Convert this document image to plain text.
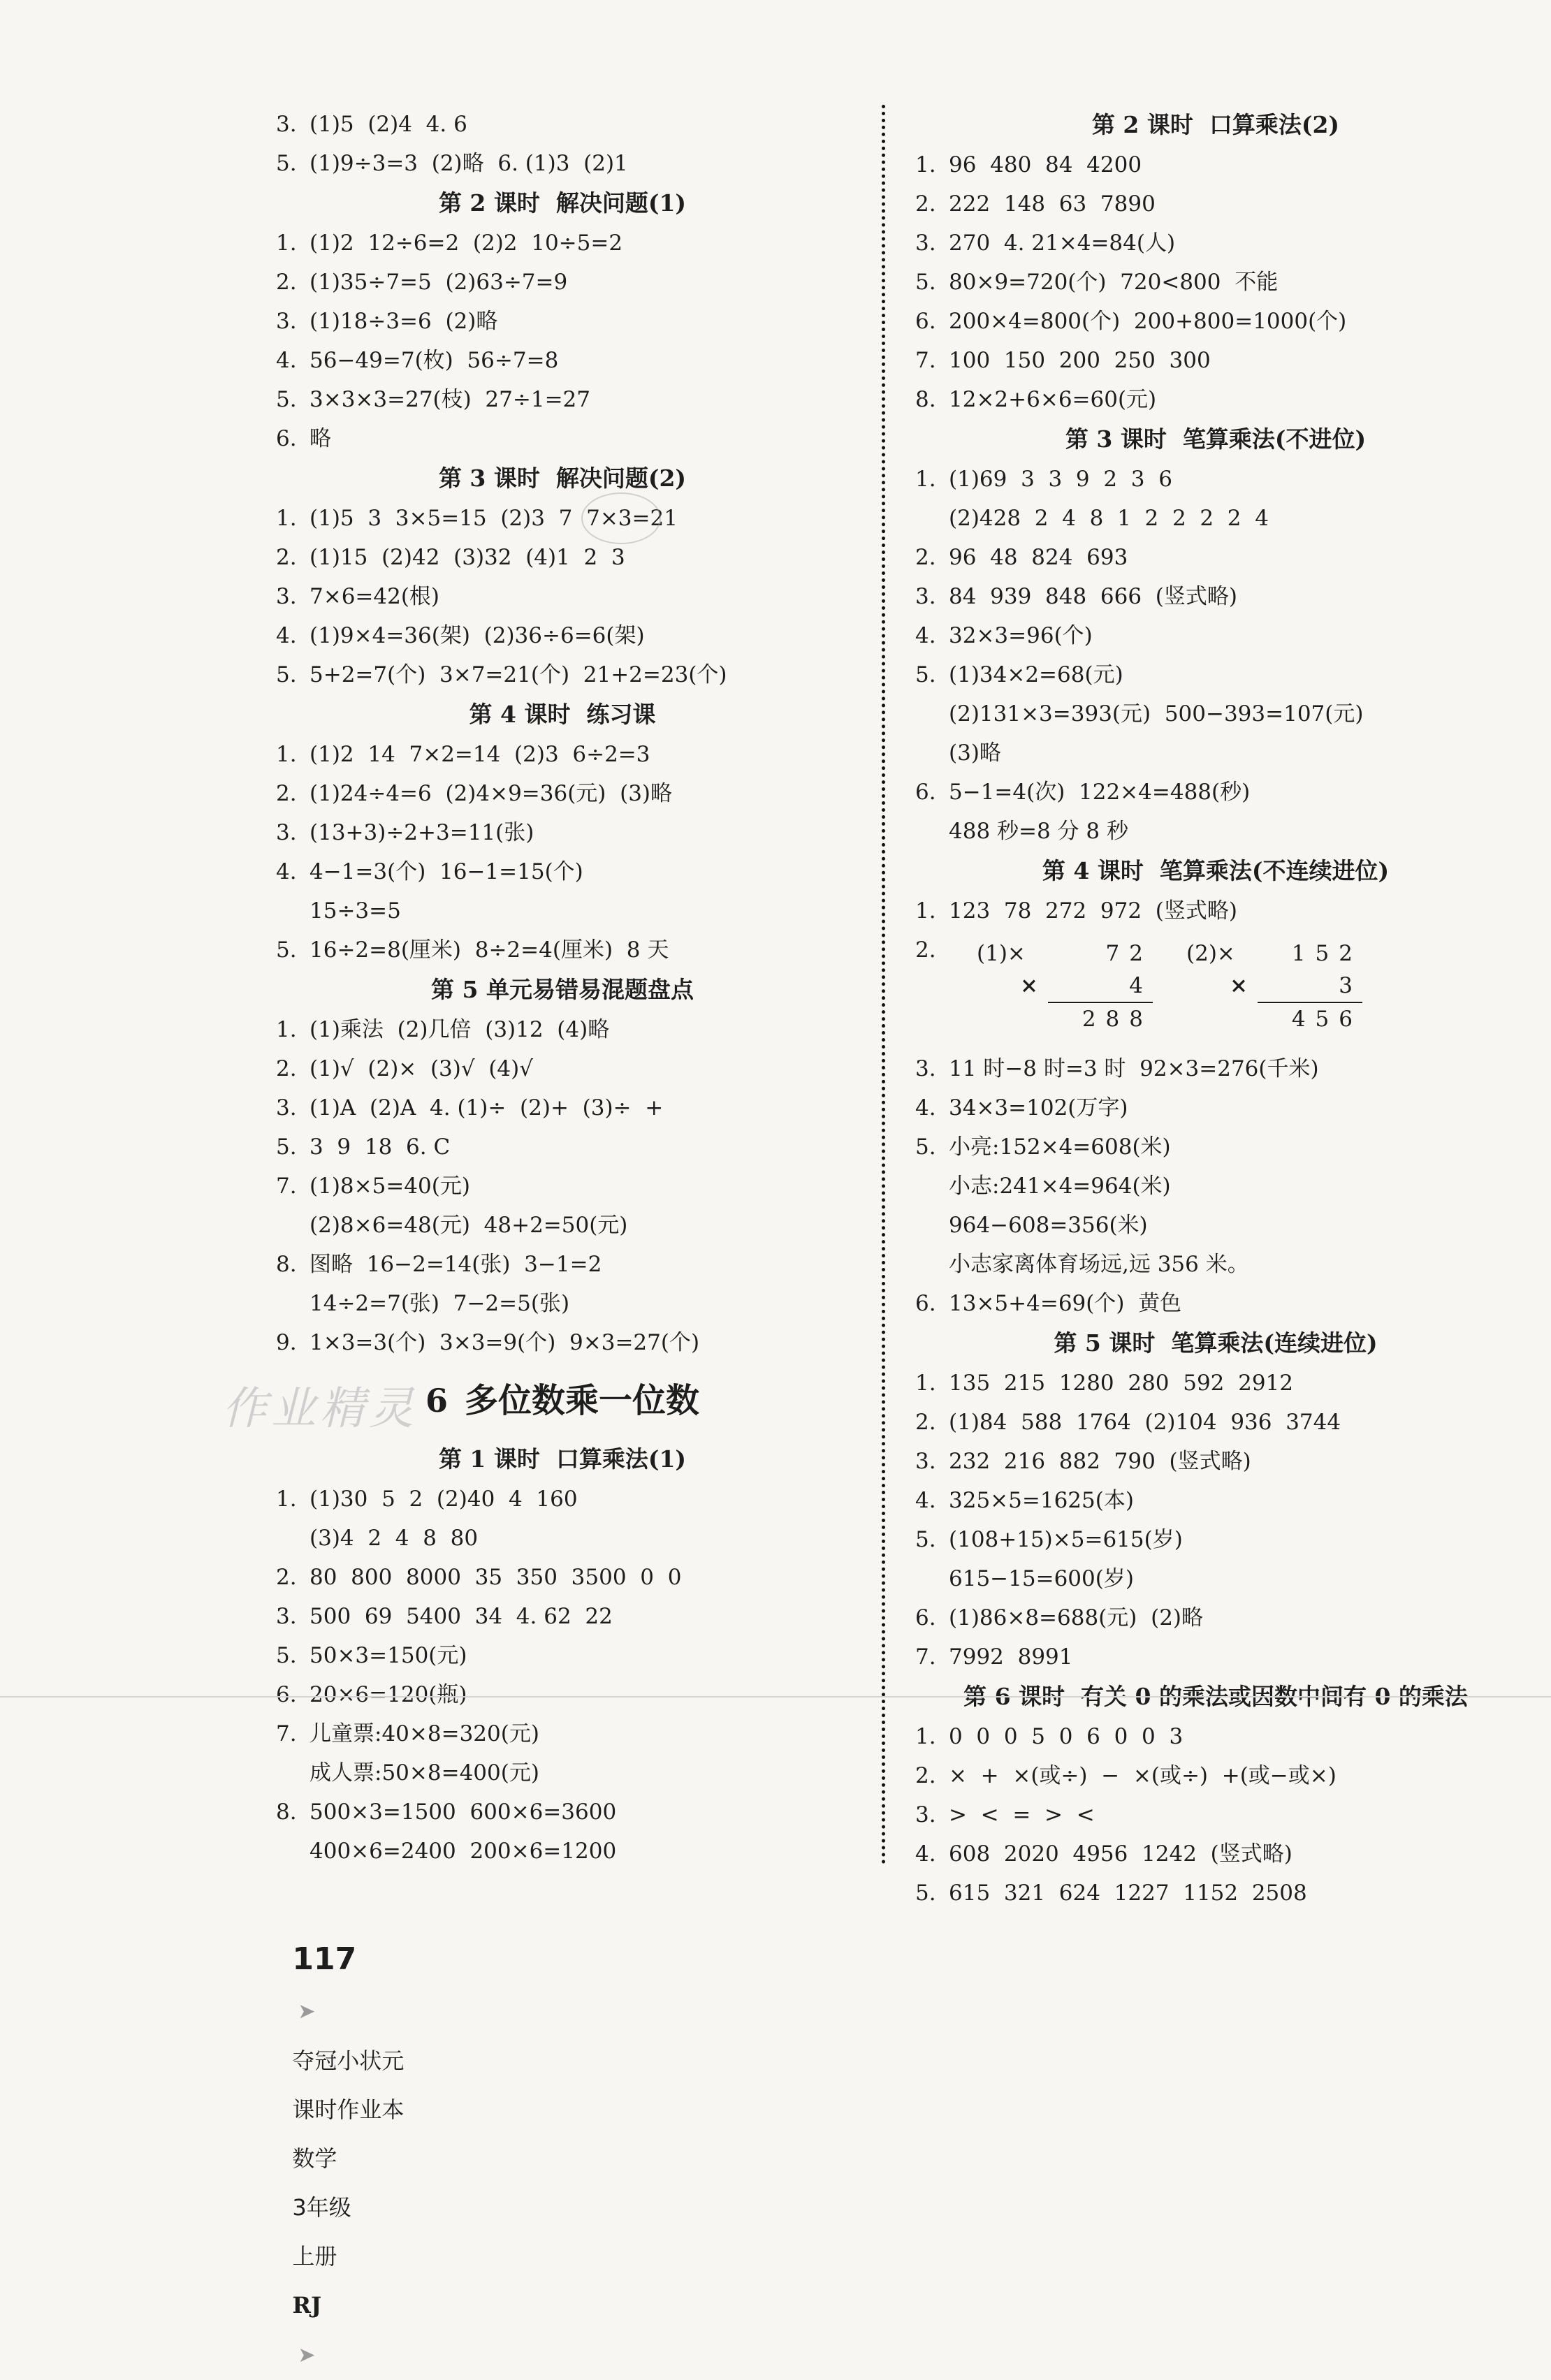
3. (1)5  (2)4  4. 6
5. (1)9÷3=3  (2)略  6. (1)3  (2)1
第 2 课时  解决问题(1)
1. (1)2  12÷6=2  (2)2  10÷5=2
2. (1)35÷7=5  (2)63÷7=9
3. (1)18÷3=6  (2)略
4. 56−49=7(枚)  56÷7=8
5. 3×3×3=27(枝)  27÷1=27
6. 略
第 3 课时  解决问题(2)
1. (1)5  3  3×5=15  (2)3  7  7×3=21
2. (1)15  (2)42  (3)32  (4)1  2  3
3. 7×6=42(根)
4. (1)9×4=36(架)  (2)36÷6=6(架)
5. 5+2=7(个)  3×7=21(个)  21+2=23(个)
第 4 课时  练习课
1. (1)2  14  7×2=14  (2)3  6÷2=3
2. (1)24÷4=6  (2)4×9=36(元)  (3)略
3. (13+3)÷2+3=11(张)
4. 4−1=3(个)  16−1=15(个)
15÷3=5
5. 16÷2=8(厘米)  8÷2=4(厘米)  8 天
第 5 单元易错易混题盘点
1. (1)乘法  (2)几倍  (3)12  (4)略
2. (1)√  (2)×  (3)√  (4)√
3. (1)A  (2)A  4. (1)÷  (2)+  (3)÷  +
5. 3  9  18  6. C
7. (1)8×5=40(元)
(2)8×6=48(元)  48+2=50(元)
8. 图略  16−2=14(张)  3−1=2
14÷2=7(张)  7−2=5(张)
9. 1×3=3(个)  3×3=9(个)  9×3=27(个)
6 多位数乘一位数
第 1 课时  口算乘法(1)
1. (1)30  5  2  (2)40  4  160
(3)4  2  4  8  80
2. 80  800  8000  35  350  3500  0  0
3. 500  69  5400  34  4. 62  22
5. 50×3=150(元)
6. 20×6=120(瓶)
7. 儿童票:40×8=320(元)
成人票:50×8=400(元)
8. 500×3=1500  600×6=3600
400×6=2400  200×6=1200
第 2 课时  口算乘法(2)
1. 96  480  84  4200
2. 222  148  63  7890
3. 270  4. 21×4=84(人)
5. 80×9=720(个)  720<800  不能
6. 200×4=800(个)  200+800=1000(个)
7. 100  150  200  250  300
8. 12×2+6×6=60(元)
第 3 课时  笔算乘法(不进位)
1. (1)69  3  3  9  2  3  6
(2)428  2  4  8  1  2  2  2  2  4
2. 96  48  824  693
3. 84  939  848  666  (竖式略)
4. 32×3=96(个)
5. (1)34×2=68(元)
(2)131×3=393(元)  500−393=107(元)
(3)略
6. 5−1=4(次)  122×4=488(秒)
488 秒=8 分 8 秒
第 4 课时  笔算乘法(不连续进位)
1. 123  78  272  972  (竖式略)
2. (1)×	72
×	4
288
(2)×	152
×	3
456
3. 11 时−8 时=3 时  92×3=276(千米)
4. 34×3=102(万字)
5. 小亮:152×4=608(米)
小志:241×4=964(米)
964−608=356(米)
小志家离体育场远,远 356 米。
6. 13×5+4=69(个)  黄色
第 5 课时  笔算乘法(连续进位)
1. 135  215  1280  280  592  2912
2. (1)84  588  1764  (2)104  936  3744
3. 232  216  882  790  (竖式略)
4. 325×5=1625(本)
5. (108+15)×5=615(岁)
615−15=600(岁)
6. (1)86×8=688(元)  (2)略
7. 7992  8991
第 6 课时  有关 0 的乘法或因数中间有 0 的乘法
1. 0  0  0  5  0  6  0  0  3
2. ×  +  ×(或÷)  −  ×(或÷)  +(或−或×)
3. >  <  =  >  <
4. 608  2020  4956  1242  (竖式略)
5. 615  321  624  1227  1152  2508
作业精灵

117
➤
夺冠小状元
课时作业本
数学
3年级
上册
RJ
➤
